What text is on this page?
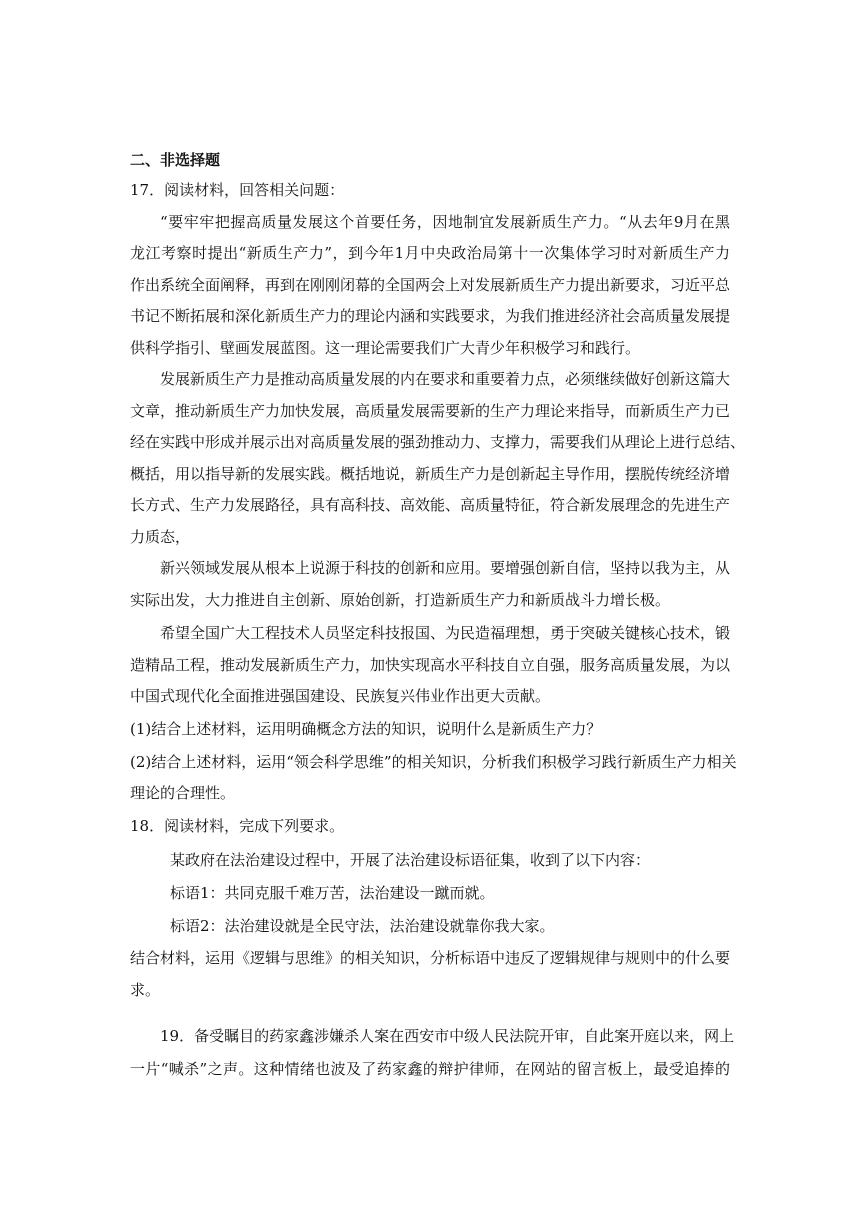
二、非选择题
17．阅读材料，回答相关问题：
“要牢牢把握高质量发展这个首要任务，因地制宜发展新质生产力。“从去年9月在黑
龙江考察时提出“新质生产力”，到今年1月中央政治局第十一次集体学习时对新质生产力
作出系统全面阐释，再到在刚刚闭幕的全国两会上对发展新质生产力提出新要求，习近平总
书记不断拓展和深化新质生产力的理论内涵和实践要求，为我们推进经济社会高质量发展提
供科学指引、壁画发展蓝图。这一理论需要我们广大青少年积极学习和践行。
发展新质生产力是推动高质量发展的内在要求和重要着力点，必须继续做好创新这篇大
文章，推动新质生产力加快发展，高质量发展需要新的生产力理论来指导，而新质生产力已
经在实践中形成并展示出对高质量发展的强劲推动力、支撑力，需要我们从理论上进行总结、
概括，用以指导新的发展实践。概括地说，新质生产力是创新起主导作用，摆脱传统经济增
长方式、生产力发展路径，具有高科技、高效能、高质量特征，符合新发展理念的先进生产
力质态，
新兴领域发展从根本上说源于科技的创新和应用。要增强创新自信，坚持以我为主，从
实际出发，大力推进自主创新、原始创新，打造新质生产力和新质战斗力增长极。
希望全国广大工程技术人员坚定科技报国、为民造福理想，勇于突破关键核心技术，锻
造精品工程，推动发展新质生产力，加快实现高水平科技自立自强，服务高质量发展，为以
中国式现代化全面推进强国建设、民族复兴伟业作出更大贡献。
(1)结合上述材料，运用明确概念方法的知识，说明什么是新质生产力？
(2)结合上述材料，运用“领会科学思维”的相关知识，分析我们积极学习践行新质生产力相关
理论的合理性。
18．阅读材料，完成下列要求。
某政府在法治建设过程中，开展了法治建设标语征集，收到了以下内容：
标语1：共同克服千难万苦，法治建设一蹴而就。
标语2：法治建设就是全民守法，法治建设就靠你我大家。
结合材料，运用《逻辑与思维》的相关知识，分析标语中违反了逻辑规律与规则中的什么要
求。
19．备受瞩目的药家鑫涉嫌杀人案在西安市中级人民法院开审，自此案开庭以来，网上
一片“喊杀”之声。这种情绪也波及了药家鑫的辩护律师，在网站的留言板上，最受追捧的
